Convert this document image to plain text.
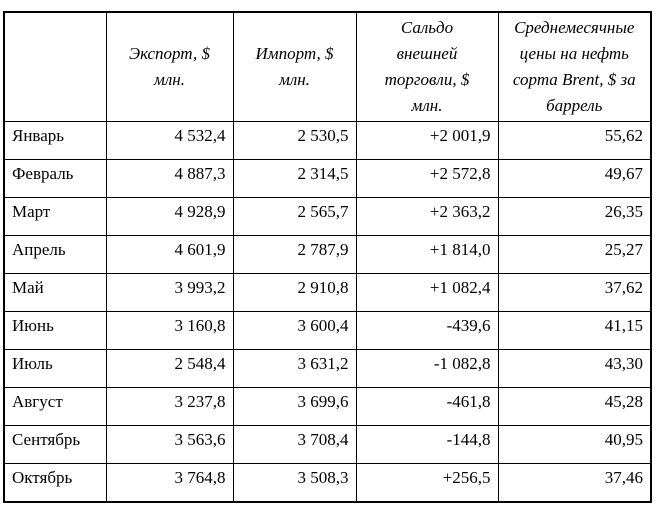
	Экспорт, $ млн.	Импорт, $ млн.	Сальдо внешней торговли, $ млн.	Среднемесячные цены на нефть сорта Brent, $ за баррель
Январь	4 532,4	2 530,5	+2 001,9	55,62
Февраль	4 887,3	2 314,5	+2 572,8	49,67
Март	4 928,9	2 565,7	+2 363,2	26,35
Апрель	4 601,9	2 787,9	+1 814,0	25,27
Май	3 993,2	2 910,8	+1 082,4	37,62
Июнь	3 160,8	3 600,4	-439,6	41,15
Июль	2 548,4	3 631,2	-1 082,8	43,30
Август	3 237,8	3 699,6	-461,8	45,28
Сентябрь	3 563,6	3 708,4	-144,8	40,95
Октябрь	3 764,8	3 508,3	+256,5	37,46
